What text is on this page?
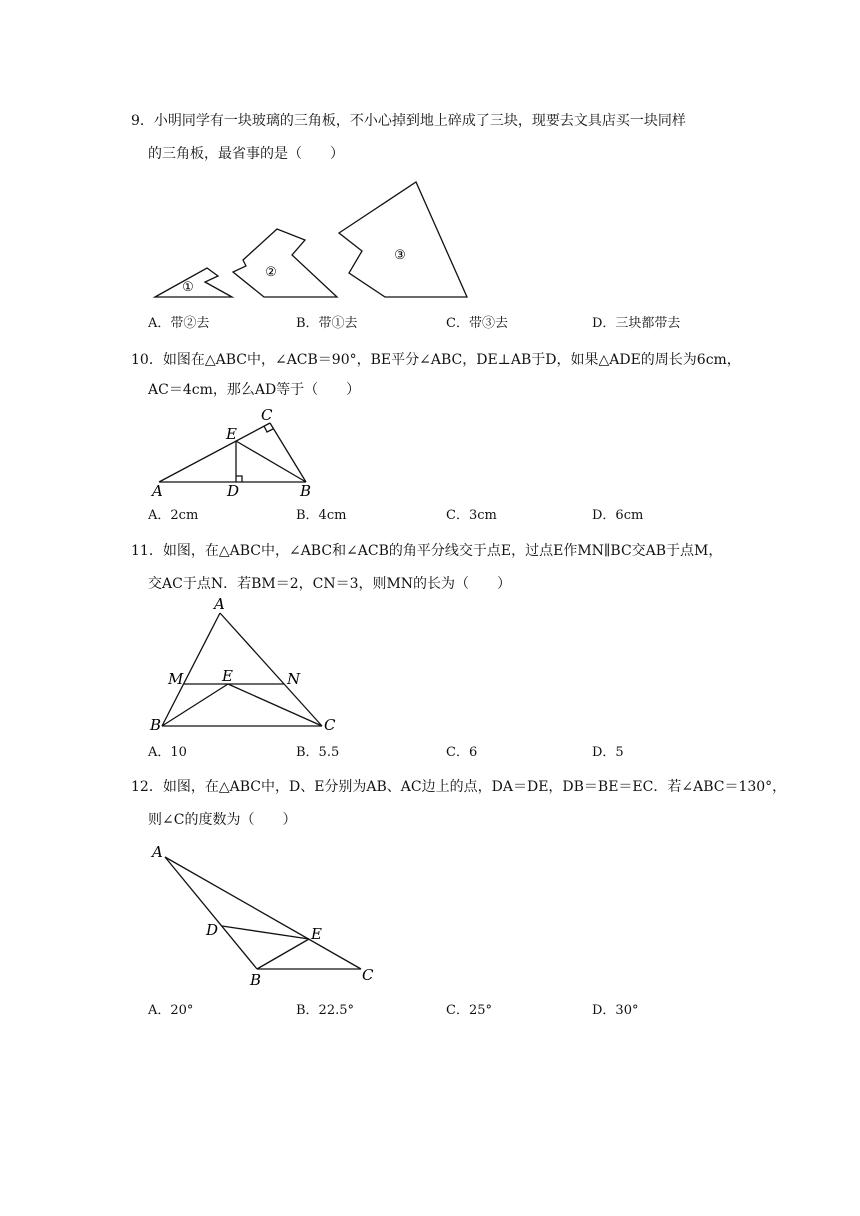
9．小明同学有一块玻璃的三角板，不小心掉到地上碎成了三块，现要去文具店买一块同样
的三角板，最省事的是（　　）
①
②
③
A．带②去	B．带①去	C．带③去	D．三块都带去
10．如图在△ABC中，∠ACB＝90°，BE平分∠ABC，DE⊥AB于D，如果△ADE的周长为6cm，
AC＝4cm，那么AD等于（　　）
A	D	B
C
E
A．2cm	B．4cm	C．3cm	D．6cm
11．如图，在△ABC中，∠ABC和∠ACB的角平分线交于点E，过点E作MN∥BC交AB于点M，
交AC于点N．若BM＝2，CN＝3，则MN的长为（　　）
A
M	E	N
B	C
A．10	B．5.5	C．6	D．5
12．如图，在△ABC中，D、E分别为AB、AC边上的点，DA＝DE，DB＝BE＝EC．若∠ABC＝130°，
则∠C的度数为（　　）
A
D	E
B	C
A．20°	B．22.5°	C．25°	D．30°
